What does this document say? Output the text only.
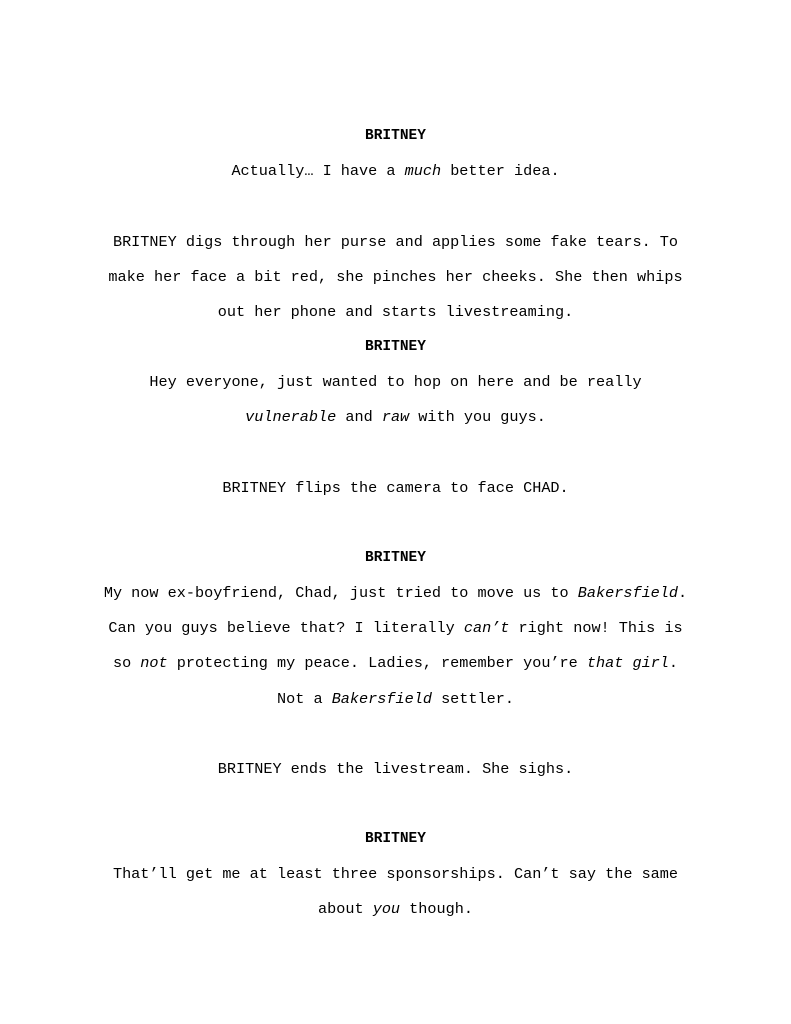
BRITNEY
Actually… I have a much better idea.
BRITNEY digs through her purse and applies some fake tears. To
make her face a bit red, she pinches her cheeks. She then whips
out her phone and starts livestreaming.
BRITNEY
Hey everyone, just wanted to hop on here and be really
vulnerable and raw with you guys.
BRITNEY flips the camera to face CHAD.
BRITNEY
My now ex-boyfriend, Chad, just tried to move us to Bakersfield.
Can you guys believe that? I literally can’t right now! This is
so not protecting my peace. Ladies, remember you’re that girl.
Not a Bakersfield settler.
BRITNEY ends the livestream. She sighs.
BRITNEY
That’ll get me at least three sponsorships. Can’t say the same
about you though.
